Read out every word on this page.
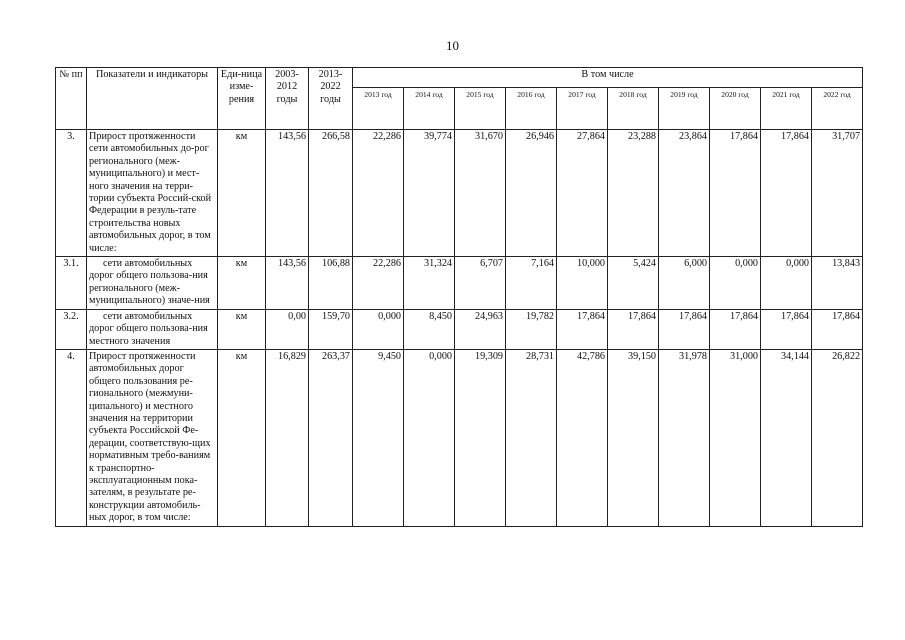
10
№ пп	Показатели и индикаторы	Еди-ница изме-рения	2003-2012 годы	2013-2022 годы	В том числе									
					2013 год	2014 год	2015 год	2016 год	2017 год	2018 год	2019 год	2020 год	2021 год	2022 год
3.	Прирост протяженности сети автомобильных до-рог регионального (меж-муниципального) и мест-ного значения на терри-тории субъекта Россий-ской Федерации в резуль-тате строительства новых автомобильных дорог, в том числе:	км	143,56	266,58	22,286	39,774	31,670	26,946	27,864	23,288	23,864	17,864	17,864	31,707
3.1.	сети автомобильных дорог общего пользова-ния регионального (меж-муниципального) значе-ния	км	143,56	106,88	22,286	31,324	6,707	7,164	10,000	5,424	6,000	0,000	0,000	13,843
3.2.	сети автомобильных дорог общего пользова-ния местного значения	км	0,00	159,70	0,000	8,450	24,963	19,782	17,864	17,864	17,864	17,864	17,864	17,864
4.	Прирост протяженности автомобильных дорог общего пользования ре-гионального (межмуни-ципального) и местного значения на территории субъекта Российской Фе-дерации, соответствую-щих нормативным требо-ваниям к транспортно-эксплуатационным пока-зателям, в результате ре-конструкции автомобиль-ных дорог, в том числе:	км	16,829	263,37	9,450	0,000	19,309	28,731	42,786	39,150	31,978	31,000	34,144	26,822
